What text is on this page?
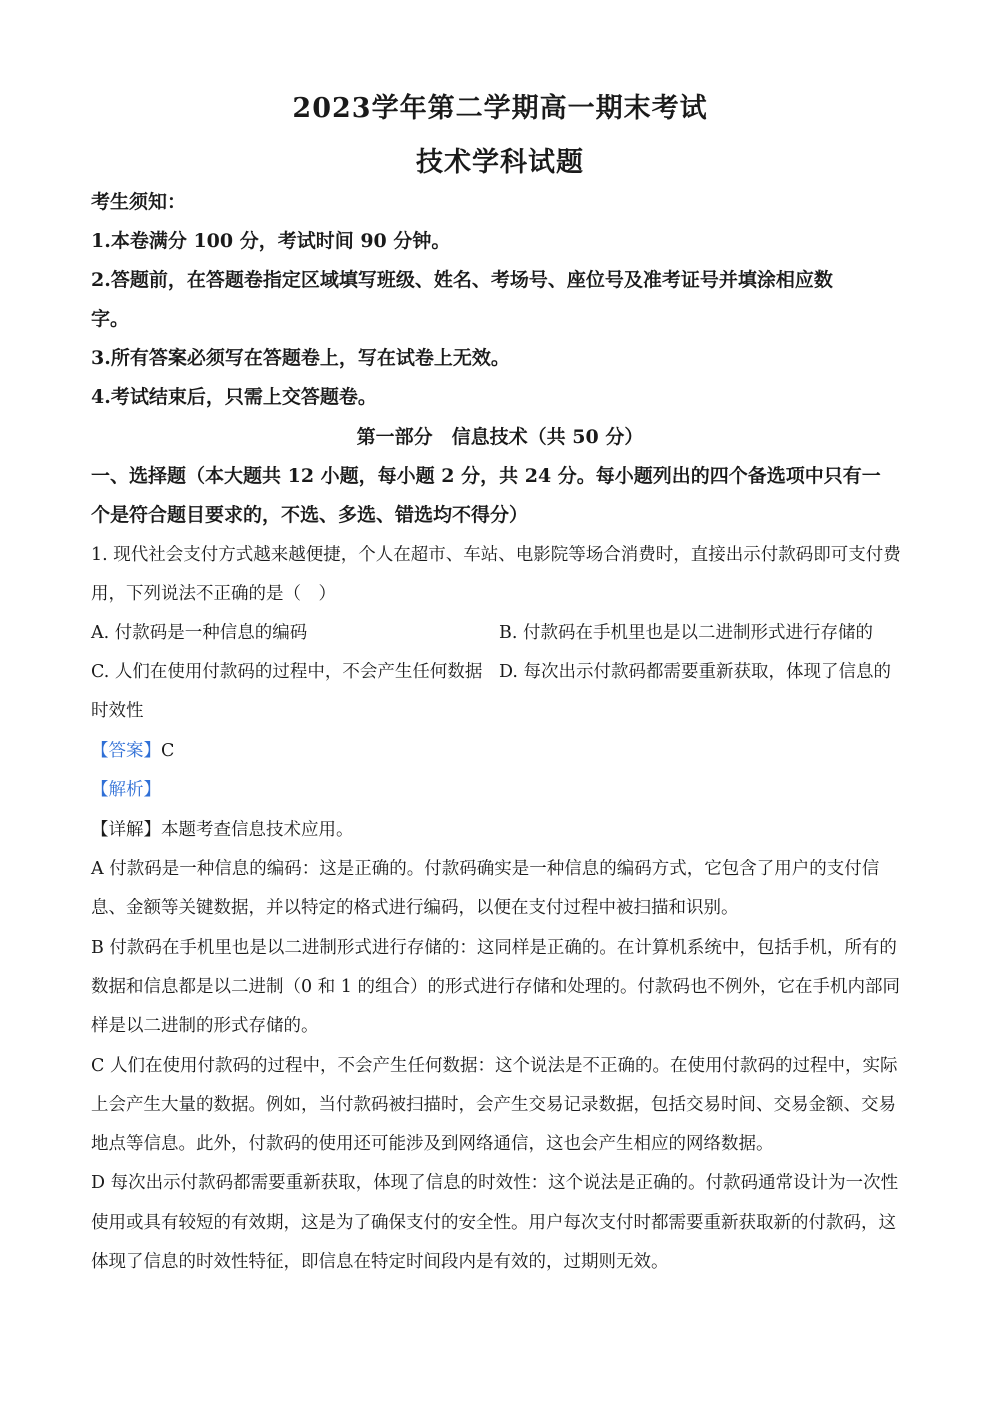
2023学年第二学期高一期末考试
技术学科试题
考生须知：
1.本卷满分 100 分，考试时间 90 分钟。
2.答题前，在答题卷指定区域填写班级、姓名、考场号、座位号及准考证号并填涂相应数
字。
3.所有答案必须写在答题卷上，写在试卷上无效。
4.考试结束后，只需上交答题卷。
第一部分　信息技术（共 50 分）
一、选择题（本大题共 12 小题，每小题 2 分，共 24 分。每小题列出的四个备选项中只有一
个是符合题目要求的，不选、多选、错选均不得分）
1. 现代社会支付方式越来越便捷，个人在超市、车站、电影院等场合消费时，直接出示付款码即可支付费
用，下列说法不正确的是（　）
A. 付款码是一种信息的编码	B. 付款码在手机里也是以二进制形式进行存储的
C. 人们在使用付款码的过程中，不会产生任何数据 D. 每次出示付款码都需要重新获取，体现了信息的
时效性
【答案】C
【解析】
【详解】本题考查信息技术应用。
A 付款码是一种信息的编码：这是正确的。付款码确实是一种信息的编码方式，它包含了用户的支付信
息、金额等关键数据，并以特定的格式进行编码，以便在支付过程中被扫描和识别。
B 付款码在手机里也是以二进制形式进行存储的：这同样是正确的。在计算机系统中，包括手机，所有的
数据和信息都是以二进制（0 和 1 的组合）的形式进行存储和处理的。付款码也不例外，它在手机内部同
样是以二进制的形式存储的。
C 人们在使用付款码的过程中，不会产生任何数据：这个说法是不正确的。在使用付款码的过程中，实际
上会产生大量的数据。例如，当付款码被扫描时，会产生交易记录数据，包括交易时间、交易金额、交易
地点等信息。此外，付款码的使用还可能涉及到网络通信，这也会产生相应的网络数据。
D 每次出示付款码都需要重新获取，体现了信息的时效性：这个说法是正确的。付款码通常设计为一次性
使用或具有较短的有效期，这是为了确保支付的安全性。用户每次支付时都需要重新获取新的付款码，这
体现了信息的时效性特征，即信息在特定时间段内是有效的，过期则无效。
